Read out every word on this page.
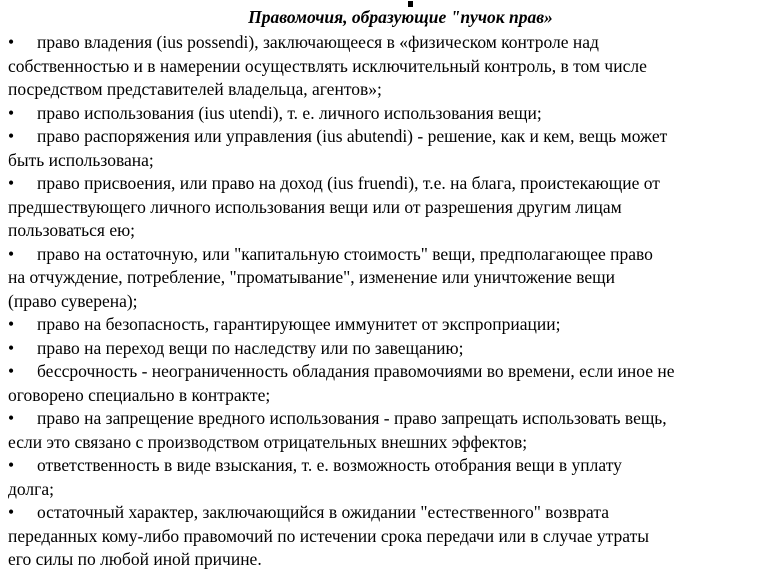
Правомочия, образующие "пучок прав»
• право владения (ius possendi), заключающееся в «физическом контроле над
собственностью и в намерении осуществлять исключительный контроль, в том числе
посредством представителей владельца, агентов»;
• право использования (ius utendi), т. е. личного использования вещи;
• право распоряжения или управления (ius abutendi) - решение, как и кем, вещь может
быть использована;
• право присвоения, или право на доход (ius fruendi), т.е. на блага, проистекающие от
предшествующего личного использования вещи или от разрешения другим лицам
пользоваться ею;
• право на остаточную, или "капитальную стоимость" вещи, предполагающее право
на отчуждение, потребление, "проматывание", изменение или уничтожение вещи
(право суверена);
• право на безопасность, гарантирующее иммунитет от экспроприации;
• право на переход вещи по наследству или по завещанию;
• бессрочность - неограниченность обладания правомочиями во времени, если иное не
оговорено специально в контракте;
• право на запрещение вредного использования - право запрещать использовать вещь,
если это связано с производством отрицательных внешних эффектов;
• ответственность в виде взыскания, т. е. возможность отобрания вещи в уплату
долга;
• остаточный характер, заключающийся в ожидании "естественного" возврата
переданных кому-либо правомочий по истечении срока передачи или в случае утраты
его силы по любой иной причине.
